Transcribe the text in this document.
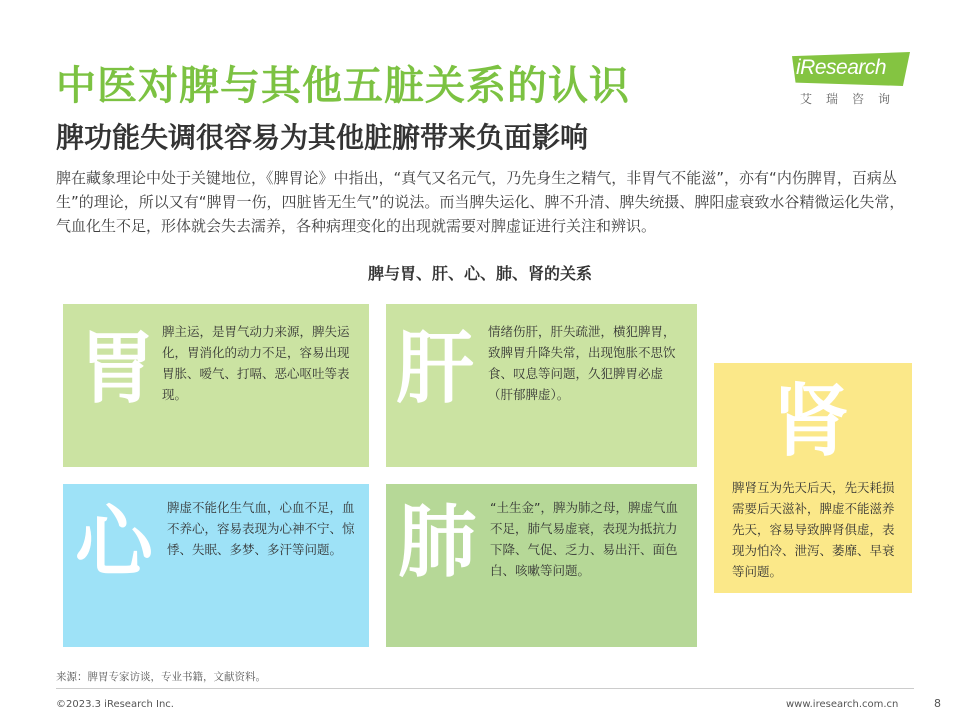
中医对脾与其他五脏关系的认识
脾功能失调很容易为其他脏腑带来负面影响
iResearch
艾瑞咨询

脾在藏象理论中处于关键地位，《脾胃论》中指出，“真气又名元气，乃先身生之精气，非胃气不能滋”，亦有“内伤脾胃，百病丛生”的理论，所以又有“脾胃一伤，四脏皆无生气”的说法。而当脾失运化、脾不升清、脾失统摄、脾阳虚衰致水谷精微运化失常，气血化生不足，形体就会失去濡养，各种病理变化的出现就需要对脾虚证进行关注和辨识。

脾与胃、肝、心、肺、肾的关系
胃 脾主运，是胃气动力来源，脾失运化，胃消化的动力不足，容易出现胃胀、嗳气、打嗝、恶心呕吐等表现。	肝 情绪伤肝，肝失疏泄，横犯脾胃，致脾胃升降失常，出现饱胀不思饮食、叹息等问题，久犯脾胃必虚（肝郁脾虚）。
心 脾虚不能化生气血，心血不足，血不养心，容易表现为心神不宁、惊悸、失眠、多梦、多汗等问题。 肺 “土生金”，脾为肺之母，脾虚气血不足，肺气易虚衰，表现为抵抗力下降、气促、乏力、易出汗、面色白、咳嗽等问题。
肾
脾肾互为先天后天，先天耗损需要后天滋补，脾虚不能滋养先天，容易导致脾肾俱虚，表现为怕冷、泄泻、萎靡、早衰等问题。
来源：脾胃专家访谈，专业书籍，文献资料。
©2023.3 iResearch Inc.	www.iresearch.com.cn	8
